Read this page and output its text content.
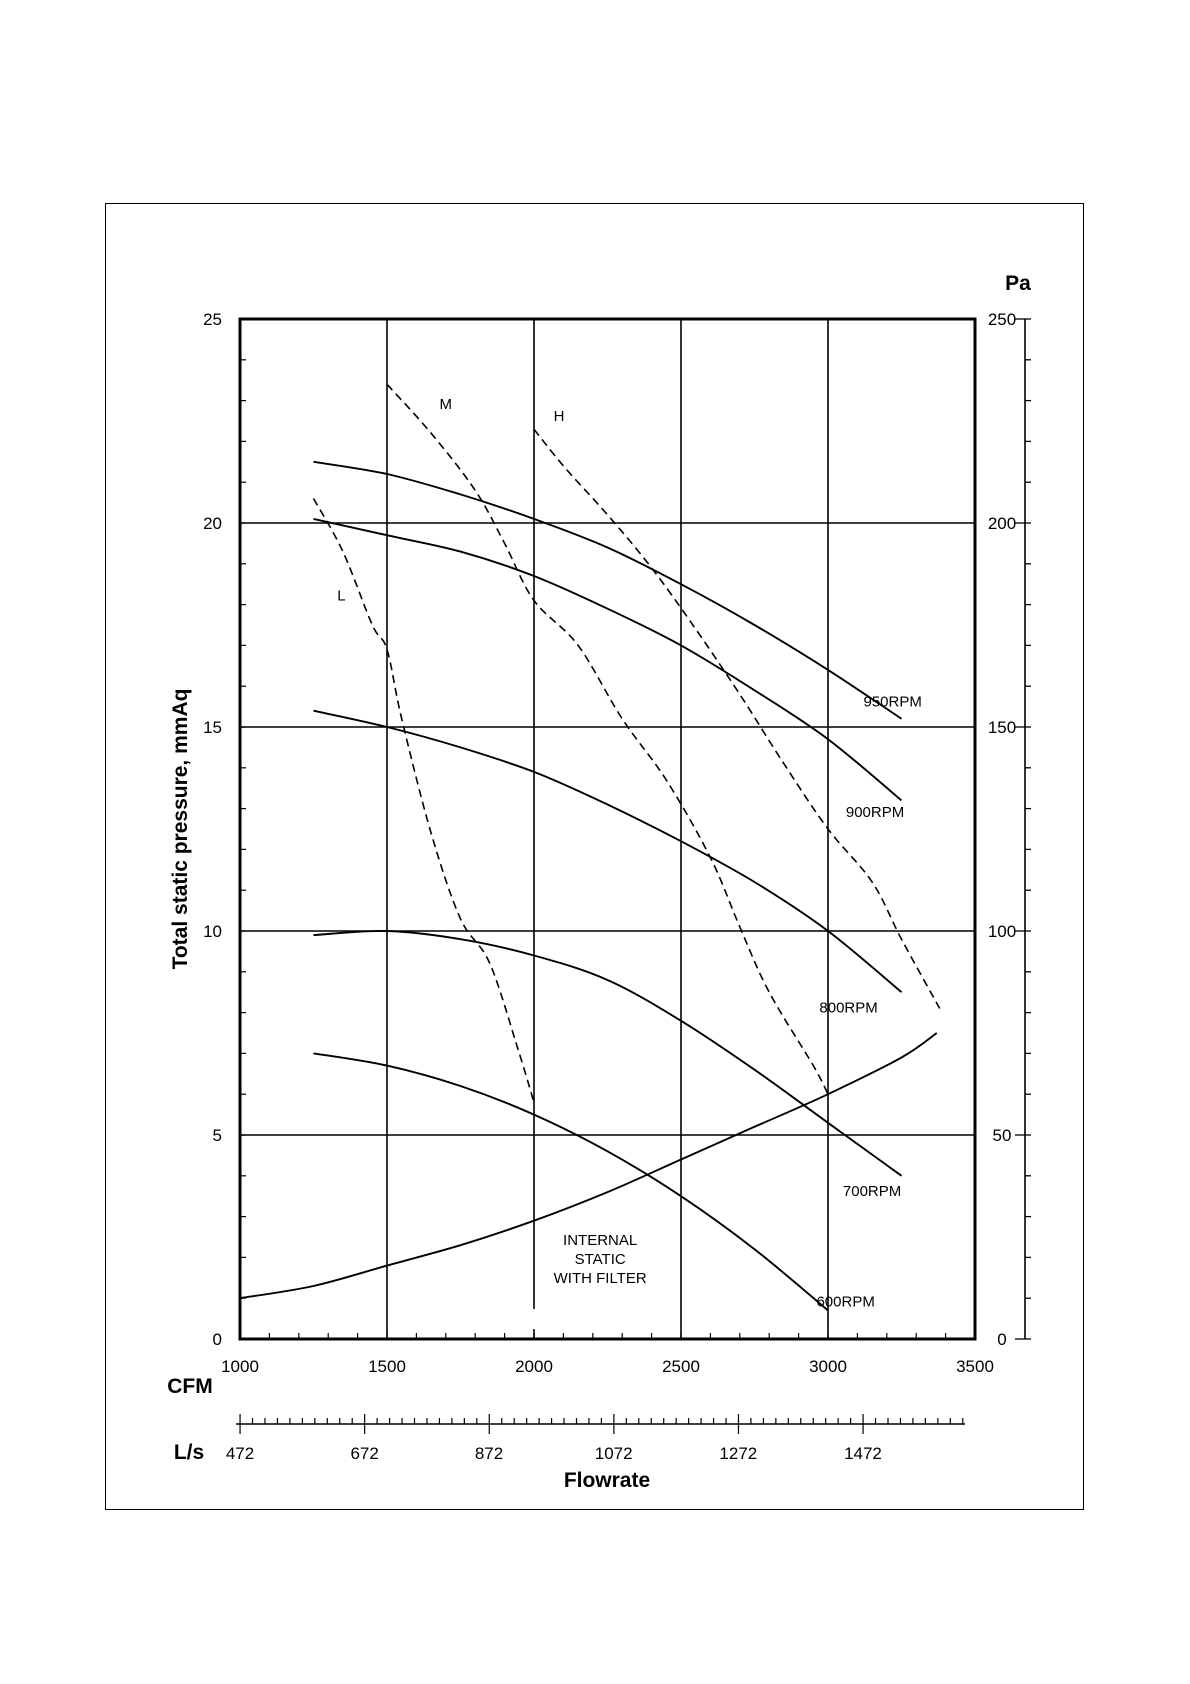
0
50
100
150
200
250
Pa
0
5
10
15
20
25
Total static pressure, mmAq
1000	1500	2000	2500	3000	3500
CFM
472	672	872	1072	1272	1472
L/s
Flowrate
950RPM
900RPM
800RPM
700RPM
600RPM
L
M
H
INTERNAL
STATIC
WITH FILTER
